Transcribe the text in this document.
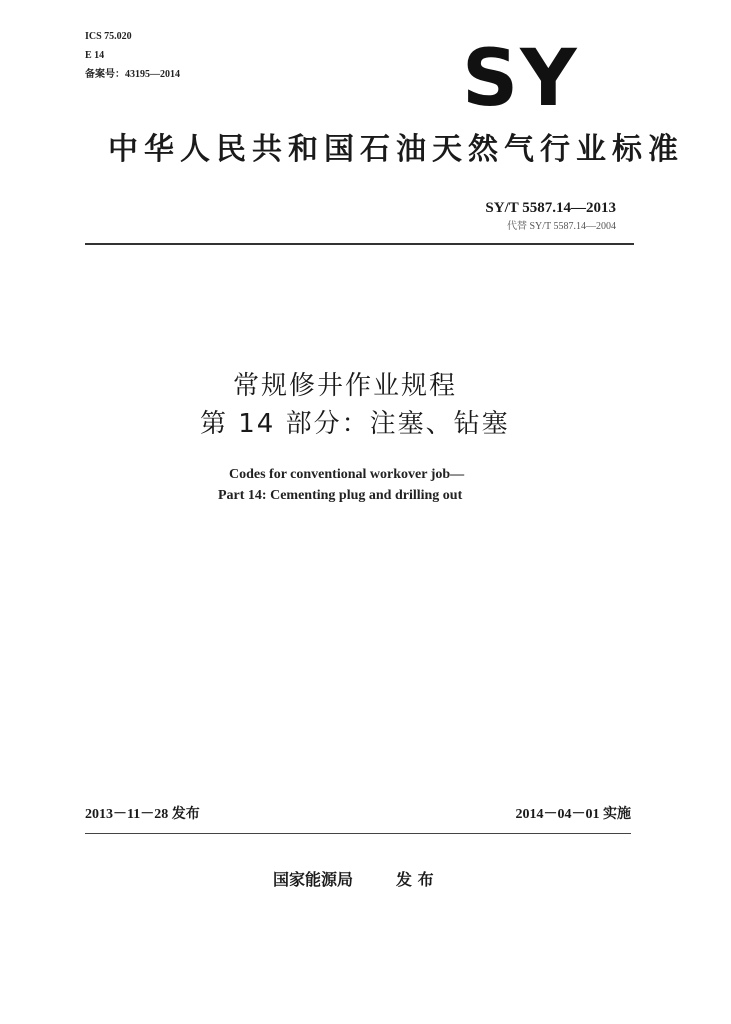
ICS 75.020
E 14
备案号：43195—2014	SY
中华人民共和国石油天然气行业标准
SY/T 5587.14—2013
代替 SY/T 5587.14—2004
常规修井作业规程
第 14 部分：注塞、钻塞
Codes for conventional workover job—
Part 14: Cementing plug and drilling out
2013－11－28 发布	2014－04－01 实施
国家能源局	发 布
